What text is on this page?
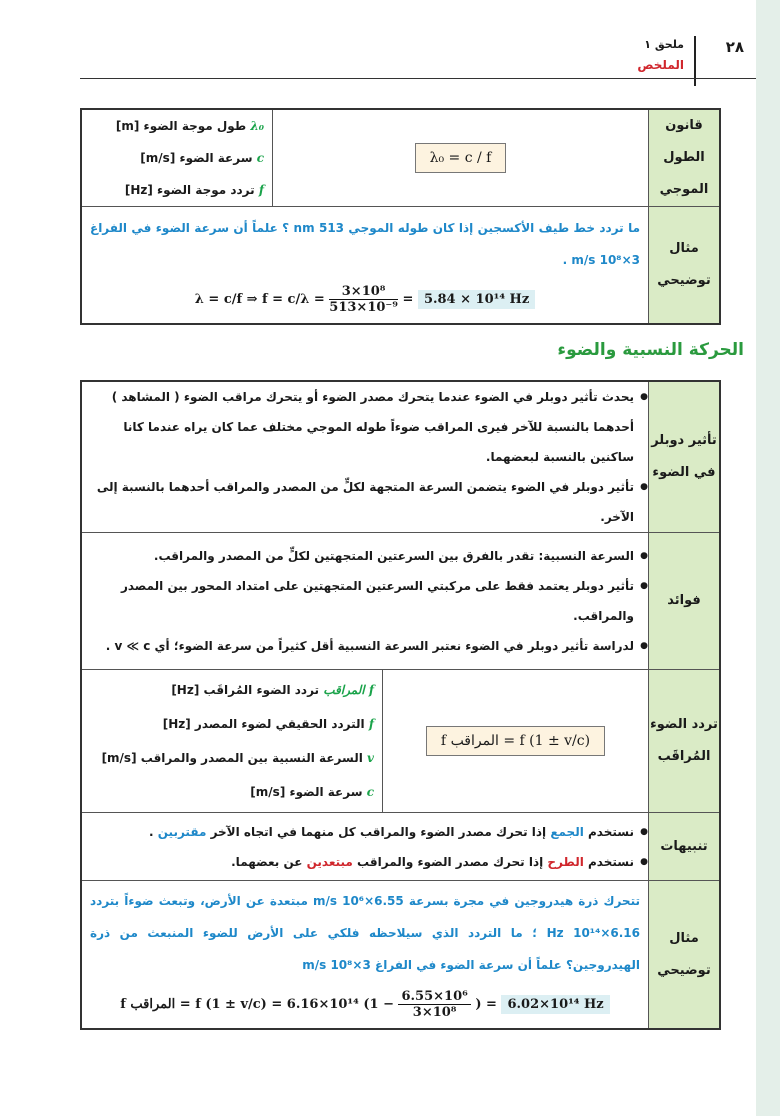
٢٨
ملحق ١
الملخص
قانون الطول الموجي	λ₀ = c / f	λ₀ طول موجة الضوء [m]
c سرعة الضوء [m/s]
f تردد موجة الضوء [Hz]

مثال توضيحي	ما تردد خط طيف الأكسجين إذا كان طوله الموجي 513 nm ؟ علماً أن سرعة الضوء في الفراغ 3×10⁸ m/s .
λ = c/f ⇒ $f = c/\lambda = \frac{\text{3×10⁸}}{\text{513×10⁻⁹}} = 5.84 \times 10^{14}$ Hz	
الحركة النسبية والضوء
تأثير دوبلر في الضوء	● يحدث تأثير دوبلر في الضوء عندما يتحرك مصدر الضوء أو يتحرك مراقب الضوء ( المشاهد ) أحدهما بالنسبة للآخر فيرى المراقب ضوءاً طوله الموجي مختلف عما كان يراه عندما كانا ساكنين بالنسبة لبعضهما.
● تأثير دوبلر في الضوء يتضمن السرعة المتجهة لكلٍّ من المصدر والمراقب أحدهما بالنسبة إلى الآخر.

فوائد	● السرعة النسبية: تقدر بالفرق بين السرعتين المتجهتين لكلٍّ من المصدر والمراقب.
● تأثير دوبلر يعتمد فقط على مركبتي السرعتين المتجهتين على امتداد المحور بين المصدر والمراقب.
● لدراسة تأثير دوبلر في الضوء نعتبر السرعة النسبية أقل كثيراً من سرعة الضوء؛ أي v ≪ c .

تردد الضوء المُراقَب	f المراقب = f (1 ± v/c)	f المراقب تردد الضوء المُراقَب [Hz]
f التردد الحقيقي لضوء المصدر [Hz]
v السرعة النسبية بين المصدر والمراقب [m/s]
c سرعة الضوء [m/s]

تنبيهات	● نستخدم الجمع إذا تحرك مصدر الضوء والمراقب كل منهما في اتجاه الآخر مقتربين .
● نستخدم الطرح إذا تحرك مصدر الضوء والمراقب مبتعدين عن بعضهما.

مثال توضيحي	تتحرك ذرة هيدروجين في مجرة بسرعة 6.55×10⁶ m/s مبتعدة عن الأرض، وتبعث ضوءاً بتردد 6.16×10¹⁴ Hz ؛ ما التردد الذي سيلاحظه فلكي على الأرض للضوء المنبعث من ذرة الهيدروجين؟ علماً أن سرعة الضوء في الفراغ 3×10⁸ m/s
f المراقب = f (1 ± v/c) = 6.16×10¹⁴ ($1 - \frac{\text{6.55×10⁶}}{\text{3×10⁸}}$ ) = 6.02×10¹⁴ Hz	
